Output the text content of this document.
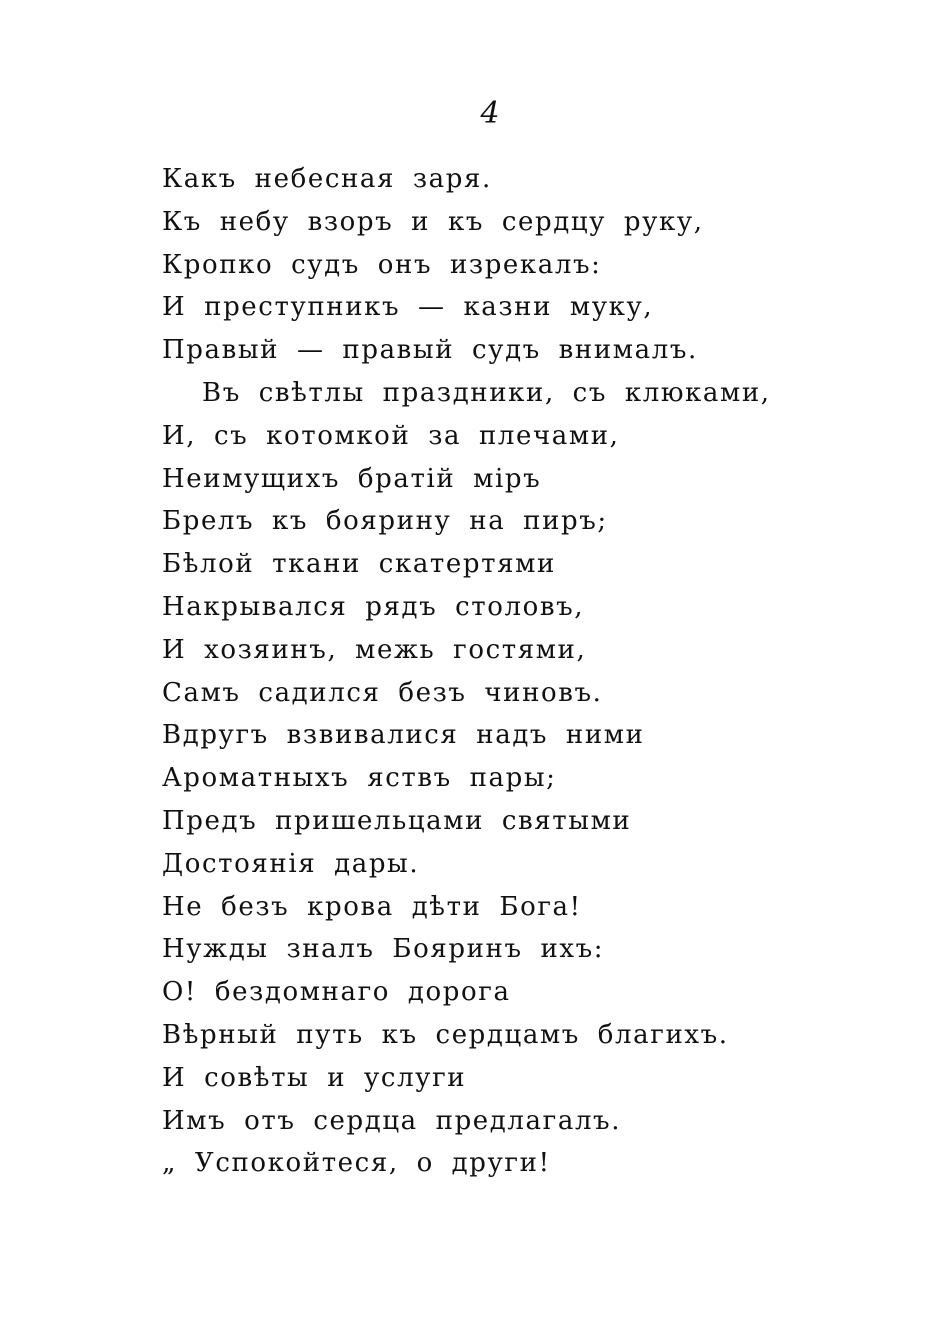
4
Какъ небесная заря.
Къ небу взоръ и къ сердцу руку,
Кропко судъ онъ изрекалъ:
И преступникъ — казни муку,
Правый — правый судъ внималъ.
Въ свѣтлы праздники, съ клюками,
И, съ котомкой за плечами,
Неимущихъ братій міръ
Брелъ къ боярину на пиръ;
Бѣлой ткани скатертями
Накрывался рядъ столовъ,
И хозяинъ, межь гостями,
Самъ садился безъ чиновъ.
Вдругъ взвивалися надъ ними
Ароматныхъ яствъ пары;
Предъ пришельцами святыми
Достоянія дары.
Не безъ крова дѣти Бога!
Нужды зналъ Бояринъ ихъ:
О! бездомнаго дорога
Вѣрный путь къ сердцамъ благихъ.
И совѣты и услуги
Имъ отъ сердца предлагалъ.
„ Успокойтеся, о други!
